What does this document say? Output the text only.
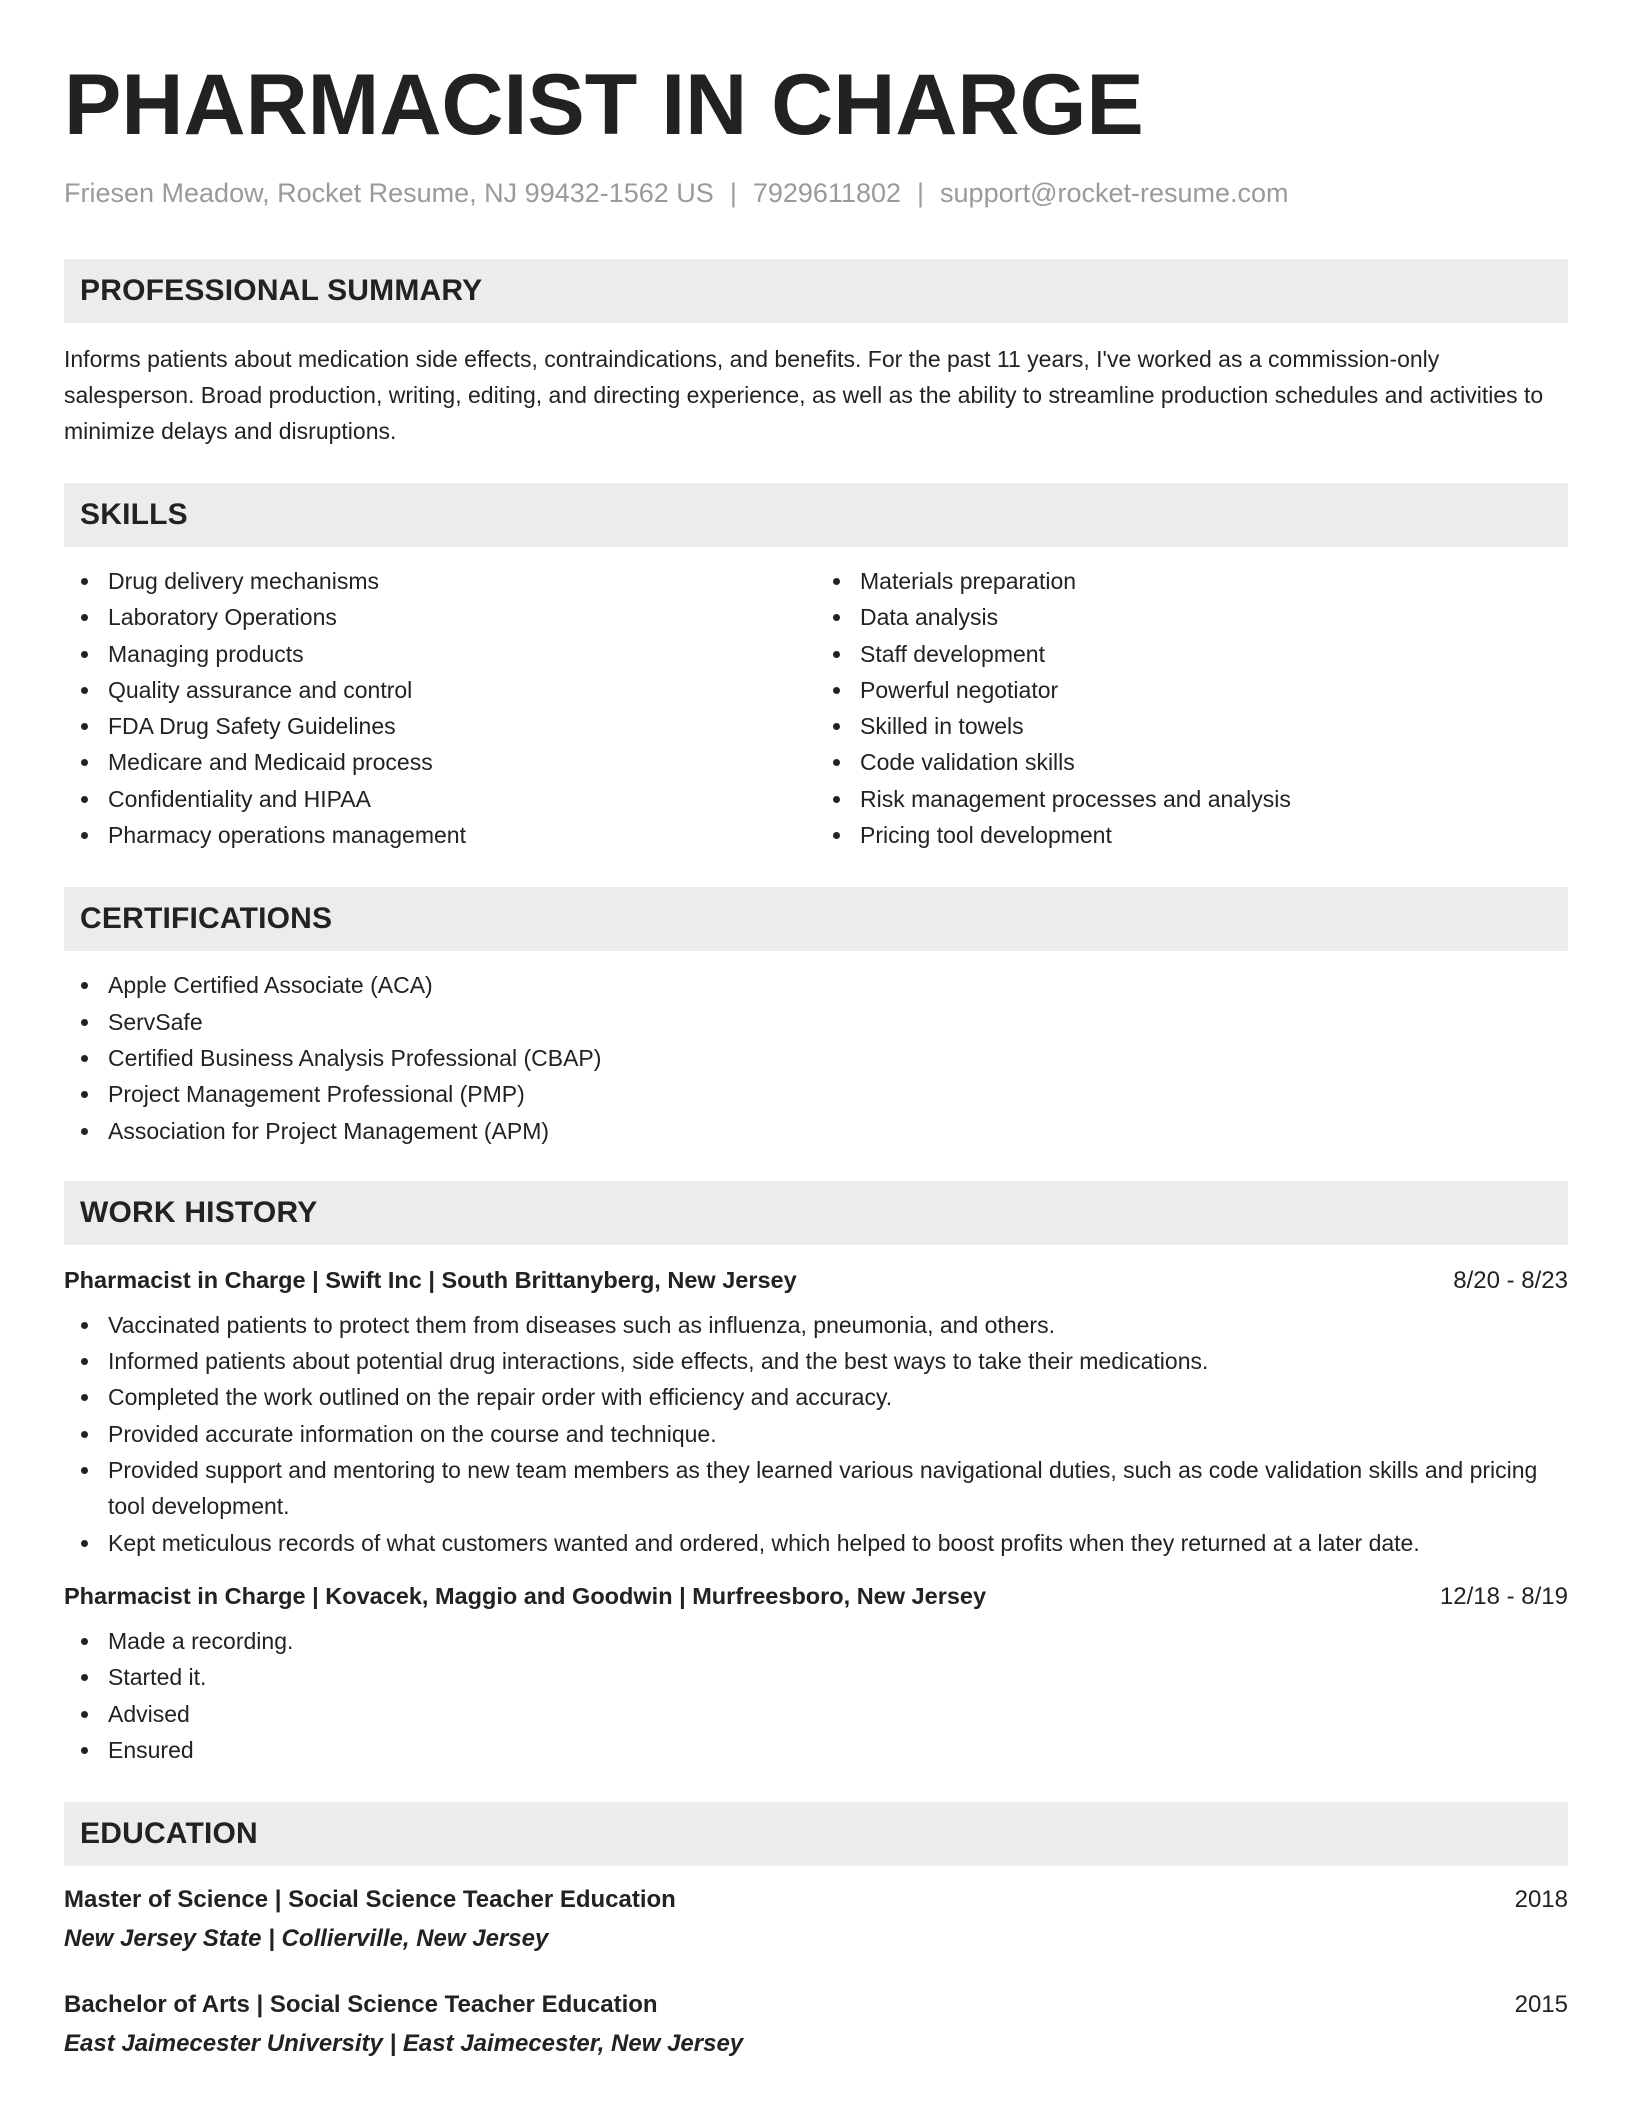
PHARMACIST IN CHARGE
Friesen Meadow, Rocket Resume, NJ 99432-1562 US | 7929611802 | support@rocket-resume.com
PROFESSIONAL SUMMARY

Informs patients about medication side effects, contraindications, and benefits. For the past 11 years, I've worked as a commission-only salesperson. Broad production, writing, editing, and directing experience, as well as the ability to streamline production schedules and activities to minimize delays and disruptions.

SKILLS
Drug delivery mechanisms
Laboratory Operations
Managing products
Quality assurance and control
FDA Drug Safety Guidelines
Medicare and Medicaid process
Confidentiality and HIPAA
Pharmacy operations management
Materials preparation
Data analysis
Staff development
Powerful negotiator
Skilled in towels
Code validation skills
Risk management processes and analysis
Pricing tool development
CERTIFICATIONS
Apple Certified Associate (ACA)
ServSafe
Certified Business Analysis Professional (CBAP)
Project Management Professional (PMP)
Association for Project Management (APM)
WORK HISTORY
Pharmacist in Charge | Swift Inc | South Brittanyberg, New Jersey	8/20 - 8/23
Vaccinated patients to protect them from diseases such as influenza, pneumonia, and others.
Informed patients about potential drug interactions, side effects, and the best ways to take their medications.
Completed the work outlined on the repair order with efficiency and accuracy.
Provided accurate information on the course and technique.
Provided support and mentoring to new team members as they learned various navigational duties, such as code validation skills and pricing tool development.
Kept meticulous records of what customers wanted and ordered, which helped to boost profits when they returned at a later date.
Pharmacist in Charge | Kovacek, Maggio and Goodwin | Murfreesboro, New Jersey	12/18 - 8/19
Made a recording.
Started it.
Advised
Ensured
EDUCATION
Master of Science | Social Science Teacher Education	2018
New Jersey State | Collierville, New Jersey
Bachelor of Arts | Social Science Teacher Education	2015
East Jaimecester University | East Jaimecester, New Jersey
